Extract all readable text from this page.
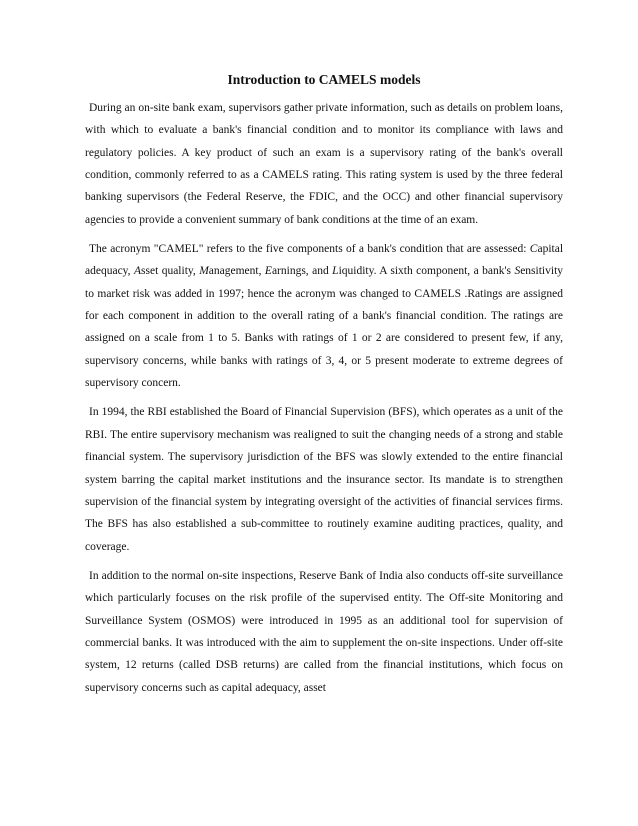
Introduction to CAMELS models

During an on-site bank exam, supervisors gather private information, such as details on problem loans, with which to evaluate a bank's financial condition and to monitor its compliance with laws and regulatory policies. A key product of such an exam is a supervisory rating of the bank's overall condition, commonly referred to as a CAMELS rating. This rating system is used by the three federal banking supervisors (the Federal Reserve, the FDIC, and the OCC) and other financial supervisory agencies to provide a convenient summary of bank conditions at the time of an exam.

The acronym "CAMEL" refers to the five components of a bank's condition that are assessed: Capital adequacy, Asset quality, Management, Earnings, and Liquidity. A sixth component, a bank's Sensitivity to market risk was added in 1997; hence the acronym was changed to CAMELS .Ratings are assigned for each component in addition to the overall rating of a bank's financial condition. The ratings are assigned on a scale from 1 to 5. Banks with ratings of 1 or 2 are considered to present few, if any, supervisory concerns, while banks with ratings of 3, 4, or 5 present moderate to extreme degrees of supervisory concern.

In 1994, the RBI established the Board of Financial Supervision (BFS), which operates as a unit of the RBI. The entire supervisory mechanism was realigned to suit the changing needs of a strong and stable financial system. The supervisory jurisdiction of the BFS was slowly extended to the entire financial system barring the capital market institutions and the insurance sector. Its mandate is to strengthen supervision of the financial system by integrating oversight of the activities of financial services firms. The BFS has also established a sub-committee to routinely examine auditing practices, quality, and coverage.

In addition to the normal on-site inspections, Reserve Bank of India also conducts off-site surveillance which particularly focuses on the risk profile of the supervised entity. The Off-site Monitoring and Surveillance System (OSMOS) were introduced in 1995 as an additional tool for supervision of commercial banks. It was introduced with the aim to supplement the on-site inspections. Under off-site system, 12 returns (called DSB returns) are called from the financial institutions, which focus on supervisory concerns such as capital adequacy, asset
